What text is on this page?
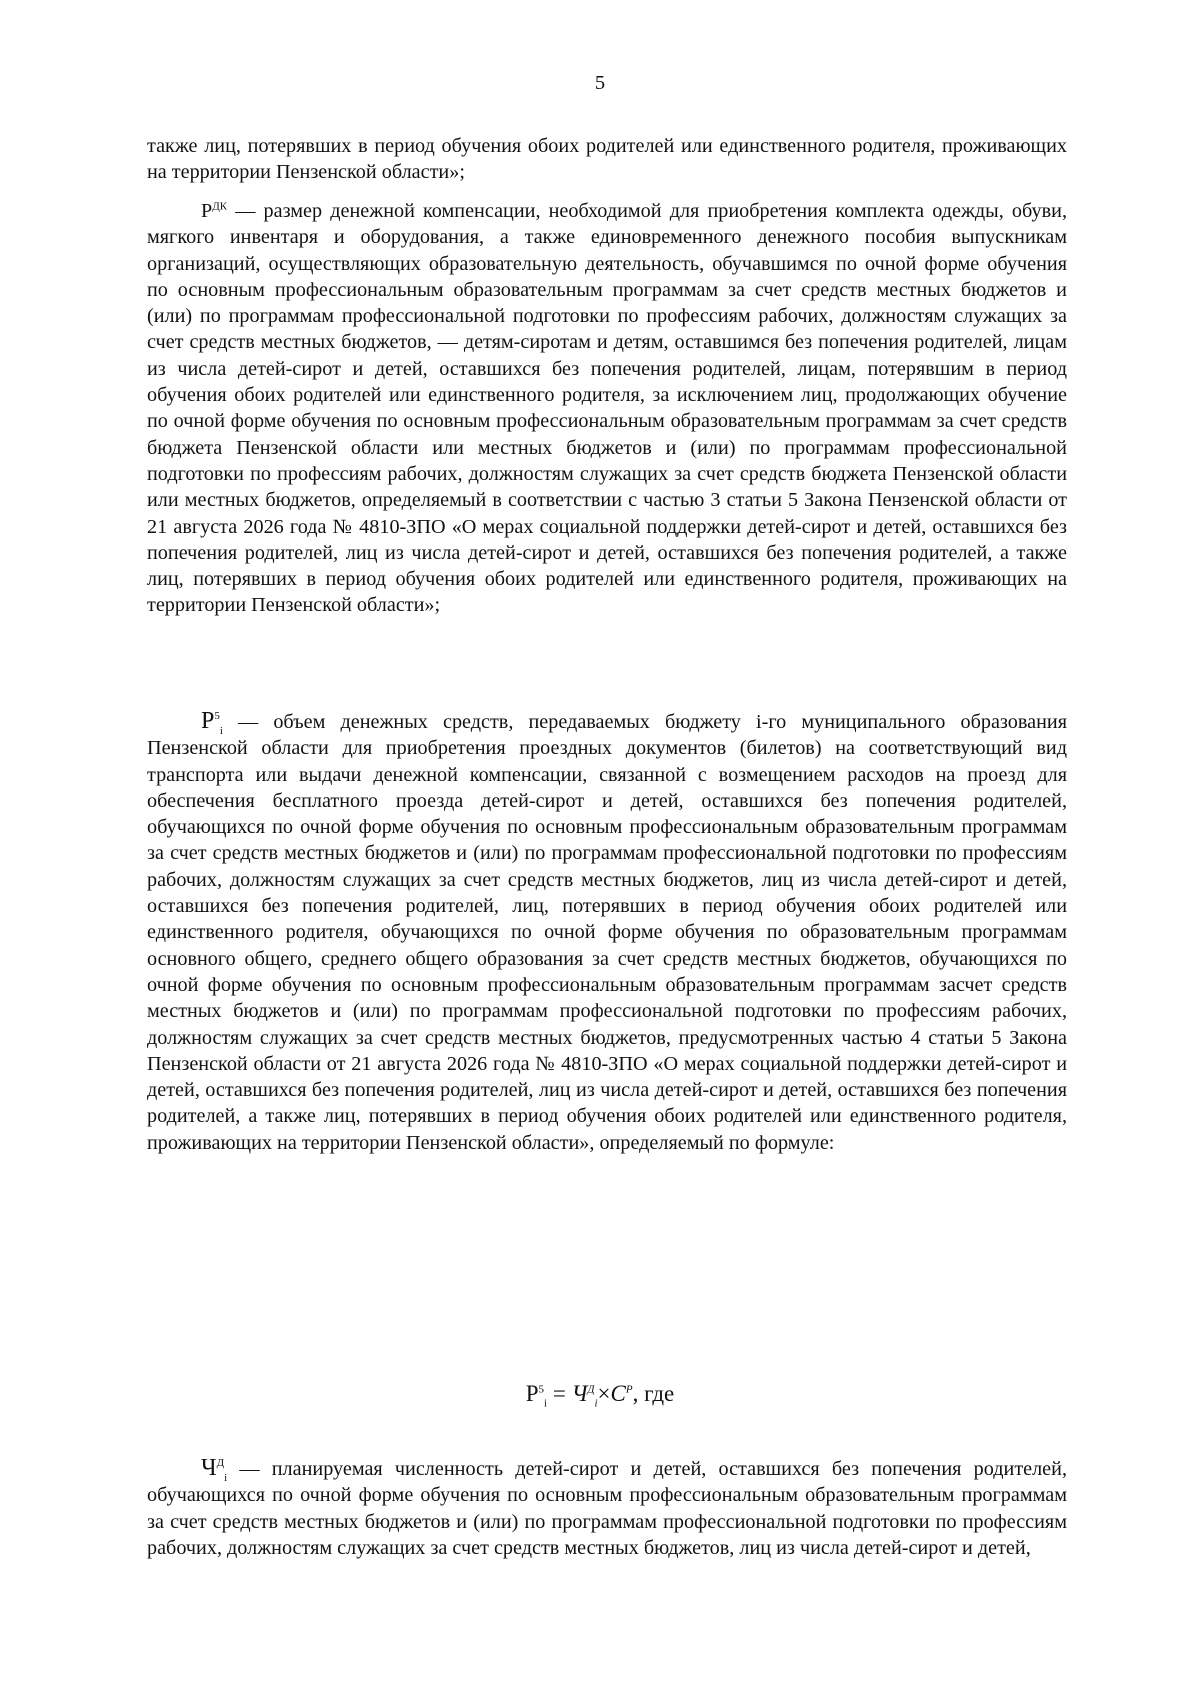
5

также лиц, потерявших в период обучения обоих родителей или единственного родителя, проживающих на территории Пензенской области»;

$Р^{ДК}$ — размер денежной компенсации, необходимой для приобретения комплекта одежды, обуви, мягкого инвентаря и оборудования, а также единовременного денежного пособия выпускникам организаций, осуществляющих образовательную деятельность, обучавшимся по очной форме обучения по основным профессиональным образовательным программам за счет средств местных бюджетов и (или) по программам профессиональной подготовки по профессиям рабочих, должностям служащих за счет средств местных бюджетов, — детям-сиротам и детям, оставшимся без попечения родителей, лицам из числа детей-сирот и детей, оставшихся без попечения родителей, лицам, потерявшим в период обучения обоих родителей или единственного родителя, за исключением лиц, продолжающих обучение по очной форме обучения по основным профессиональным образовательным программам за счет средств бюджета Пензенской области или местных бюджетов и (или) по программам профессиональной подготовки по профессиям рабочих, должностям служащих за счет средств бюджета Пензенской области или местных бюджетов, определяемый в соответствии с частью 3 статьи 5 Закона Пензенской области от 21 августа 2026 года № 4810-ЗПО «О мерах социальной поддержки детей-сирот и детей, оставшихся без попечения родителей, лиц из числа детей-сирот и детей, оставшихся без попечения родителей, а также лиц, потерявших в период обучения обоих родителей или единственного родителя, проживающих на территории Пензенской области»;

$Р^5_i$ — объем денежных средств, передаваемых бюджету i-го муниципального образования Пензенской области для приобретения проездных документов (билетов) на соответствующий вид транспорта или выдачи денежной компенсации, связанной с возмещением расходов на проезд для обеспечения бесплатного проезда детей-сирот и детей, оставшихся без попечения родителей, обучающихся по очной форме обучения по основным профессиональным образовательным программам за счет средств местных бюджетов и (или) по программам профессиональной подготовки по профессиям рабочих, должностям служащих за счет средств местных бюджетов, лиц из числа детей-сирот и детей, оставшихся без попечения родителей, лиц, потерявших в период обучения обоих родителей или единственного родителя, обучающихся по очной форме обучения по образовательным программам основного общего, среднего общего образования за счет средств местных бюджетов, обучающихся по очной форме обучения по основным профессиональным образовательным программам засчет средств местных бюджетов и (или) по программам профессиональной подготовки по профессиям рабочих, должностям служащих за счет средств местных бюджетов, предусмотренных частью 4 статьи 5 Закона Пензенской области от 21 августа 2026 года № 4810-ЗПО «О мерах социальной поддержки детей-сирот и детей, оставшихся без попечения родителей, лиц из числа детей-сирот и детей, оставшихся без попечения родителей, а также лиц, потерявших в период обучения обоих родителей или единственного родителя, проживающих на территории Пензенской области», определяемый по формуле:

$Р^5_i = Ч^Д_i\times С^Р$, где

$Ч^Д_i$ — планируемая численность детей-сирот и детей, оставшихся без попечения родителей, обучающихся по очной форме обучения по основным профессиональным образовательным программам за счет средств местных бюджетов и (или) по программам профессиональной подготовки по профессиям рабочих, должностям служащих за счет средств местных бюджетов, лиц из числа детей-сирот и детей,
